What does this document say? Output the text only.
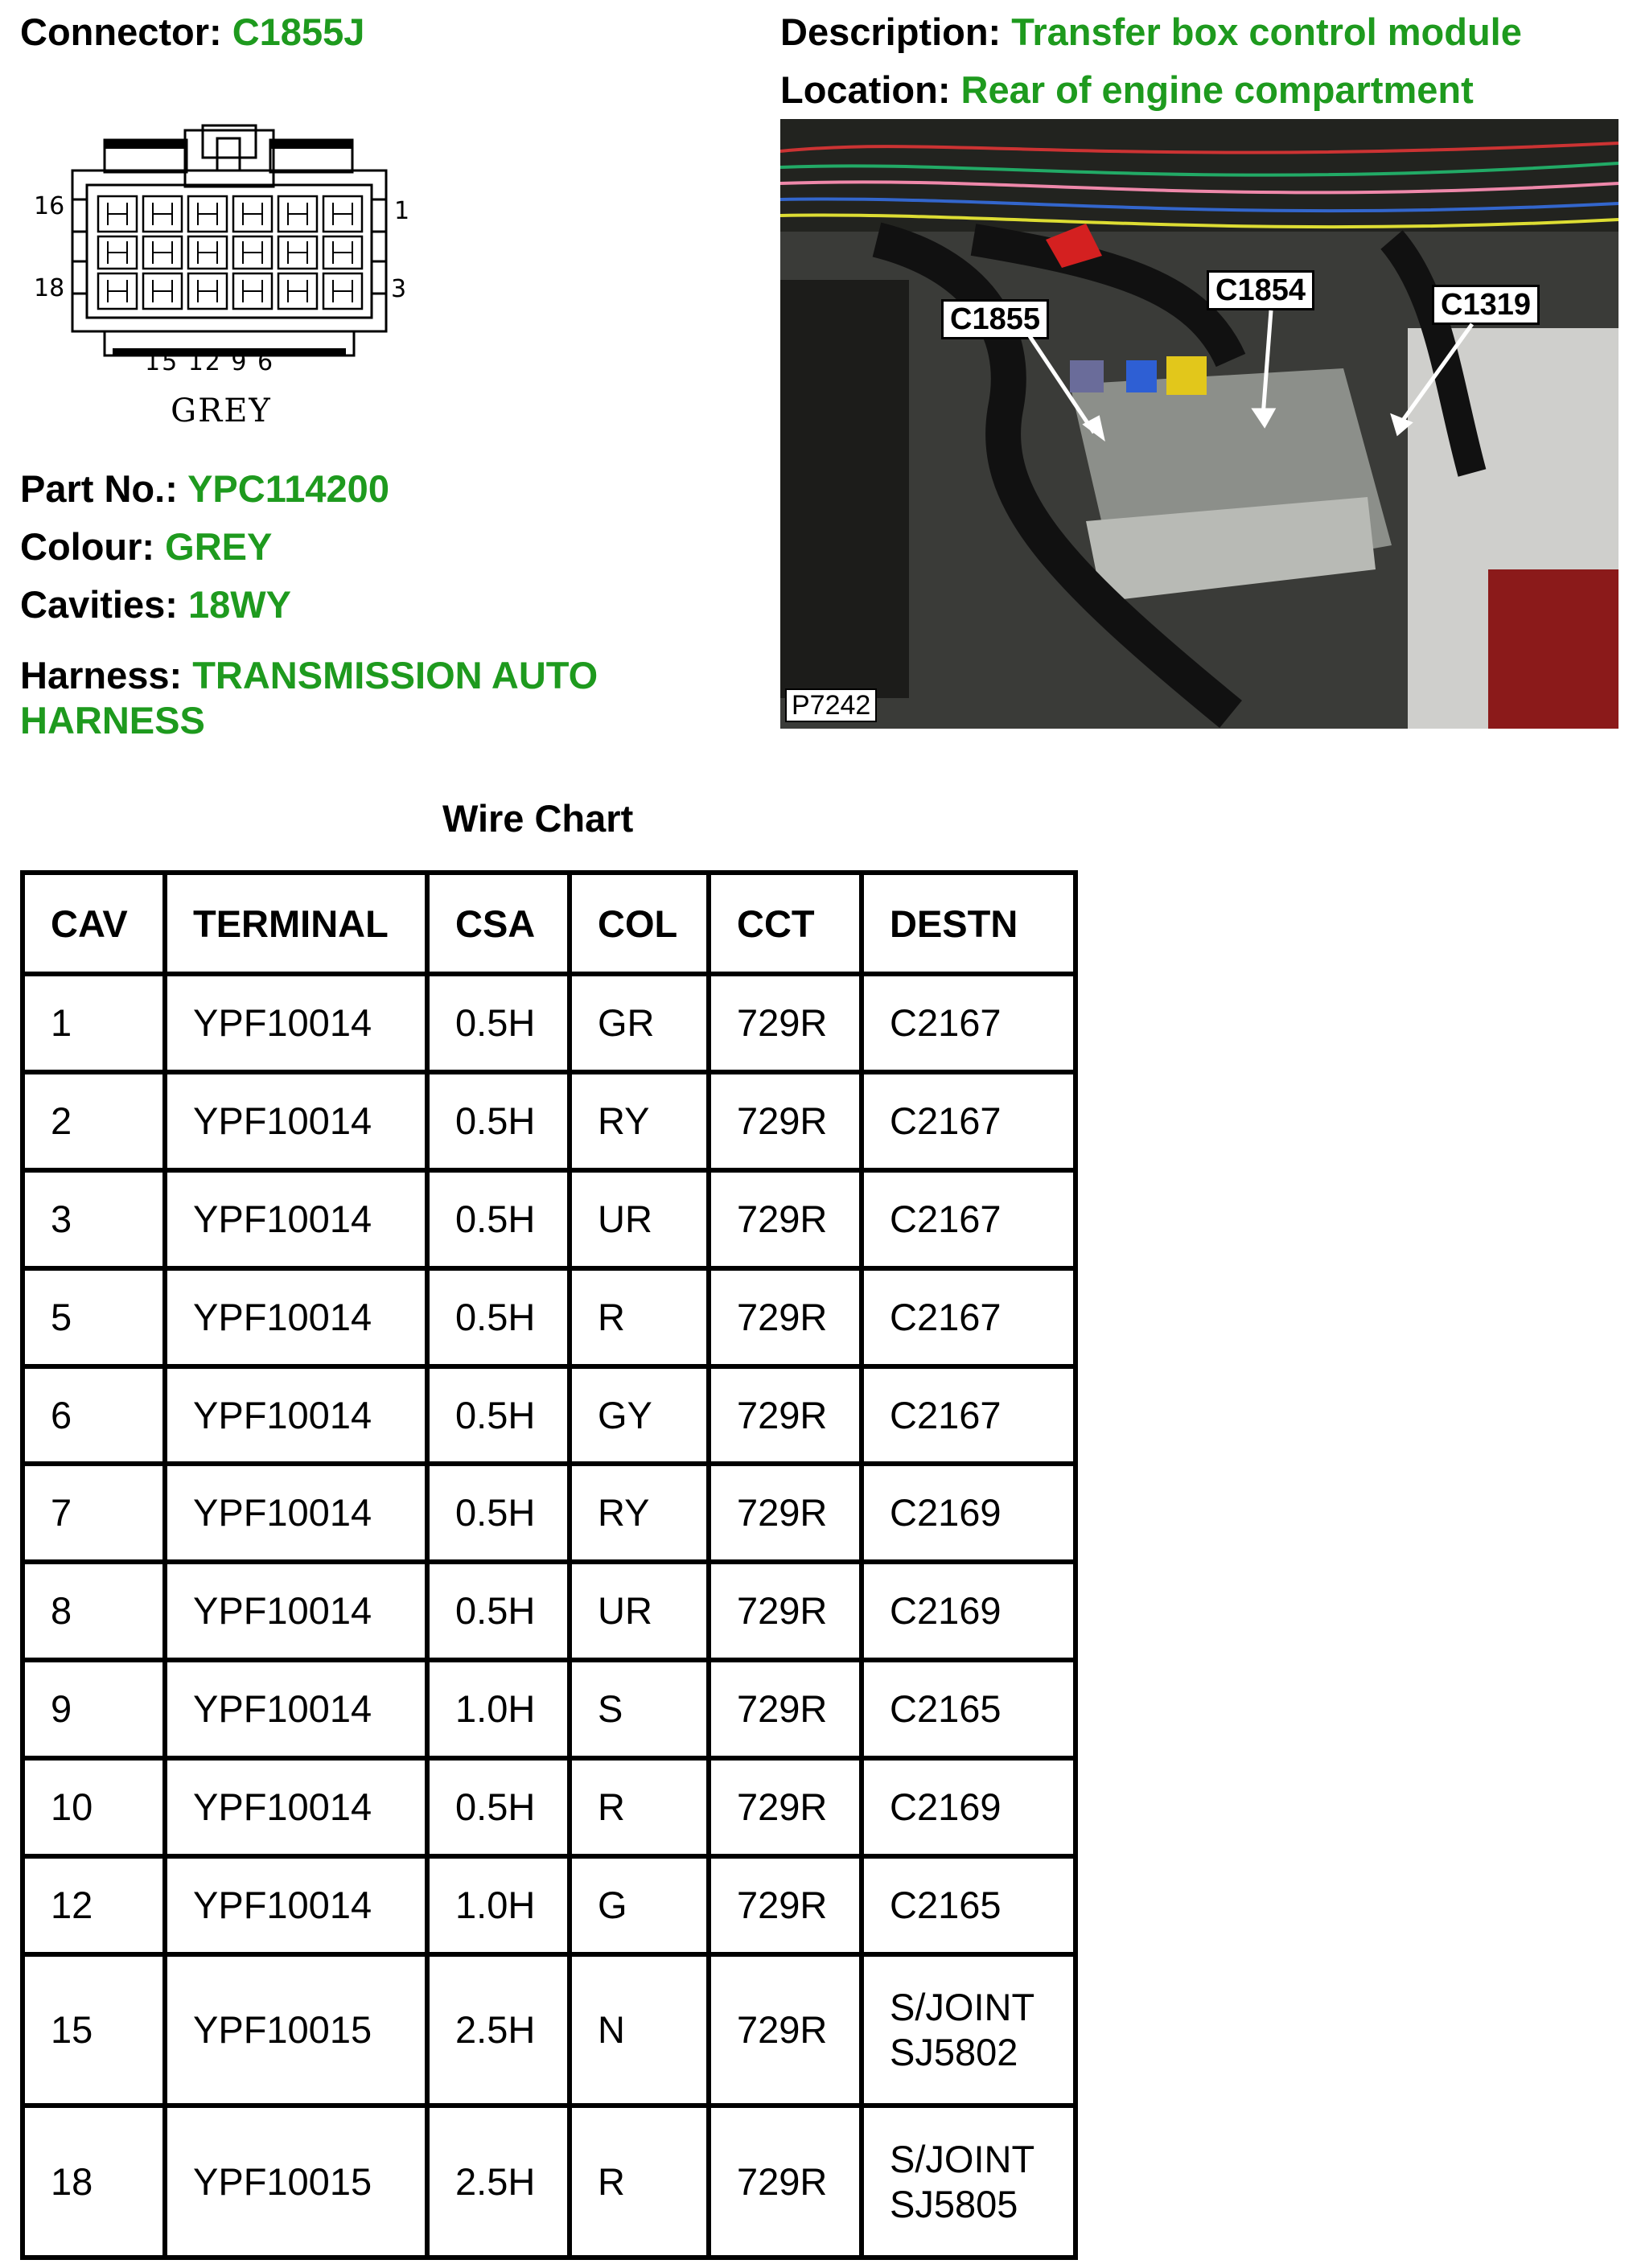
Connector: C1855J	Description: Transfer box control module
Location: Rear of engine compartment
16
18
1
3
15 12 9 6
GREY
C1855
C1854	C1319
P7242
Part No.: YPC114200
Colour: GREY
Cavities: 18WY
Harness: TRANSMISSION AUTO HARNESS
Wire Chart
CAV	TERMINAL	CSA	COL	CCT	DESTN
1	YPF10014	0.5H	GR	729R	C2167
2	YPF10014	0.5H	RY	729R	C2167
3	YPF10014	0.5H	UR	729R	C2167
5	YPF10014	0.5H	R	729R	C2167
6	YPF10014	0.5H	GY	729R	C2167
7	YPF10014	0.5H	RY	729R	C2169
8	YPF10014	0.5H	UR	729R	C2169
9	YPF10014	1.0H	S	729R	C2165
10	YPF10014	0.5H	R	729R	C2169
12	YPF10014	1.0H	G	729R	C2165
15	YPF10015	2.5H	N	729R	S/JOINT SJ5802
18	YPF10015	2.5H	R	729R	S/JOINT SJ5805
